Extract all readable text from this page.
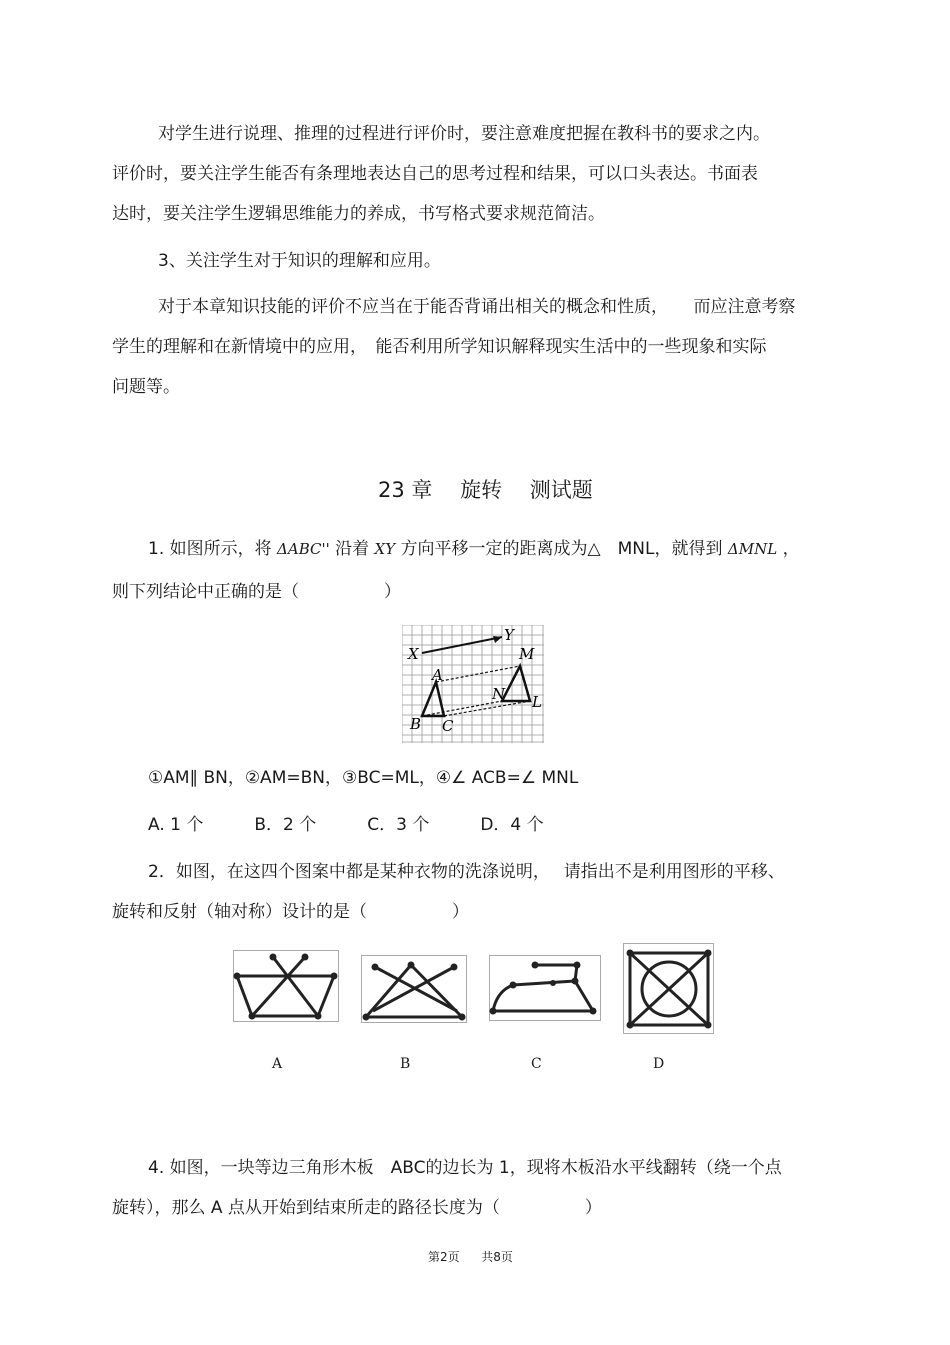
对学生进行说理、推理的过程进行评价时，要注意难度把握在教科书的要求之内。
评价时，要关注学生能否有条理地表达自己的思考过程和结果，可以口头表达。书面表
达时，要关注学生逻辑思维能力的养成，书写格式要求规范简洁。
3、关注学生对于知识的理解和应用。
对于本章知识技能的评价不应当在于能否背诵出相关的概念和性质，　　而应注意考察
学生的理解和在新情境中的应用，　能否利用所学知识解释现实生活中的一些现象和实际
问题等。
23 章　 旋转 　测试题
1. 如图所示，将 ΔABC'' 沿着 XY 方向平移一定的距离成为△　MNL，就得到 ΔMNL ，
则下列结论中正确的是（　　　　　）
X
Y
A
B C
M
N L
①AM∥ BN，②AM=BN，③BC=ML，④∠ ACB=∠ MNL
A. 1 个　　　B．2 个　　　C．3 个　　　D．4 个
2．如图，在这四个图案中都是某种衣物的洗涤说明，　 请指出不是利用图形的平移、
旋转和反射（轴对称）设计的是（　　　　　）
A	B	C	D
4. 如图，一块等边三角形木板　ABC的边长为 1，现将木板沿水平线翻转（绕一个点
旋转），那么 A 点从开始到结束所走的路径长度为（　　　　　）
第2页 共8页
